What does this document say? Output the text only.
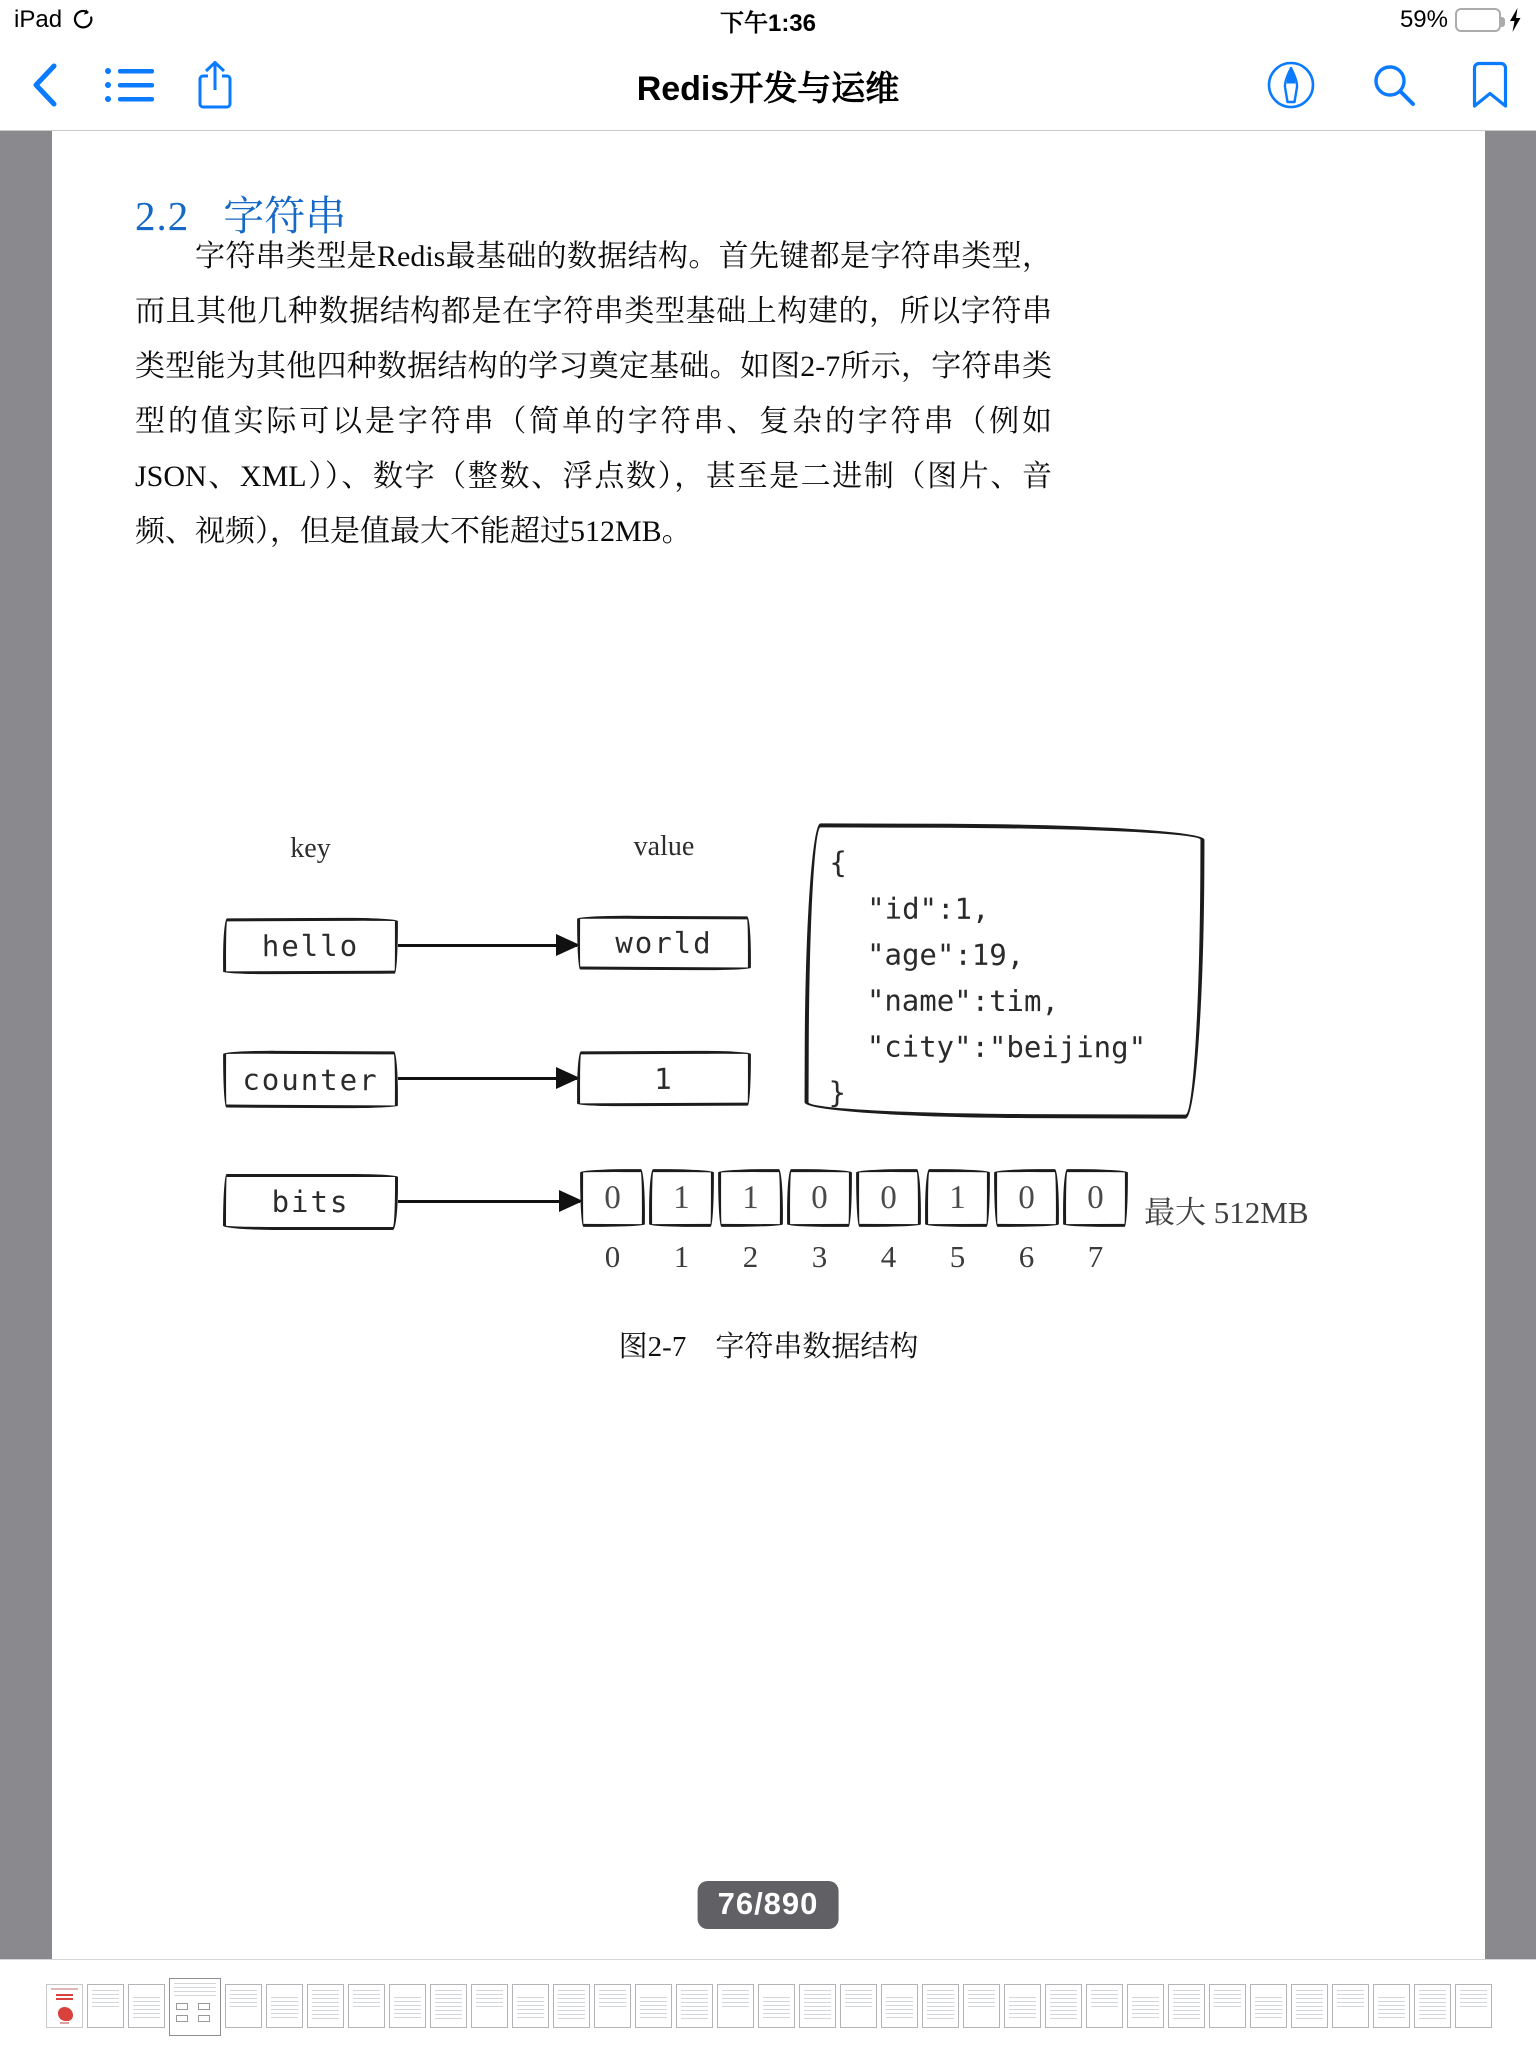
iPad	下午1:36	59%
Redis开发与运维
2.2 字符串

字符串类型是Redis最基础的数据结构。首先键都是字符串类型，而且其他几种数据结构都是在字符串类型基础上构建的，所以字符串类型能为其他四种数据结构的学习奠定基础。如图2-7所示，字符串类型的值实际可以是字符串（简单的字符串、复杂的字符串（例如JSON、XML））、数字（整数、浮点数），甚至是二进制（图片、音频、视频），但是值最大不能超过512MB。

key	value
hello	world
counter	1
{
"id":1,
"age":19,
"name":tim,
"city":"beijing"
}
bits	0	1	1	0	0	1	0	0
0	1	2	3	4	5	6	7
最大 512MB
图2-7　字符串数据结构
76/890
